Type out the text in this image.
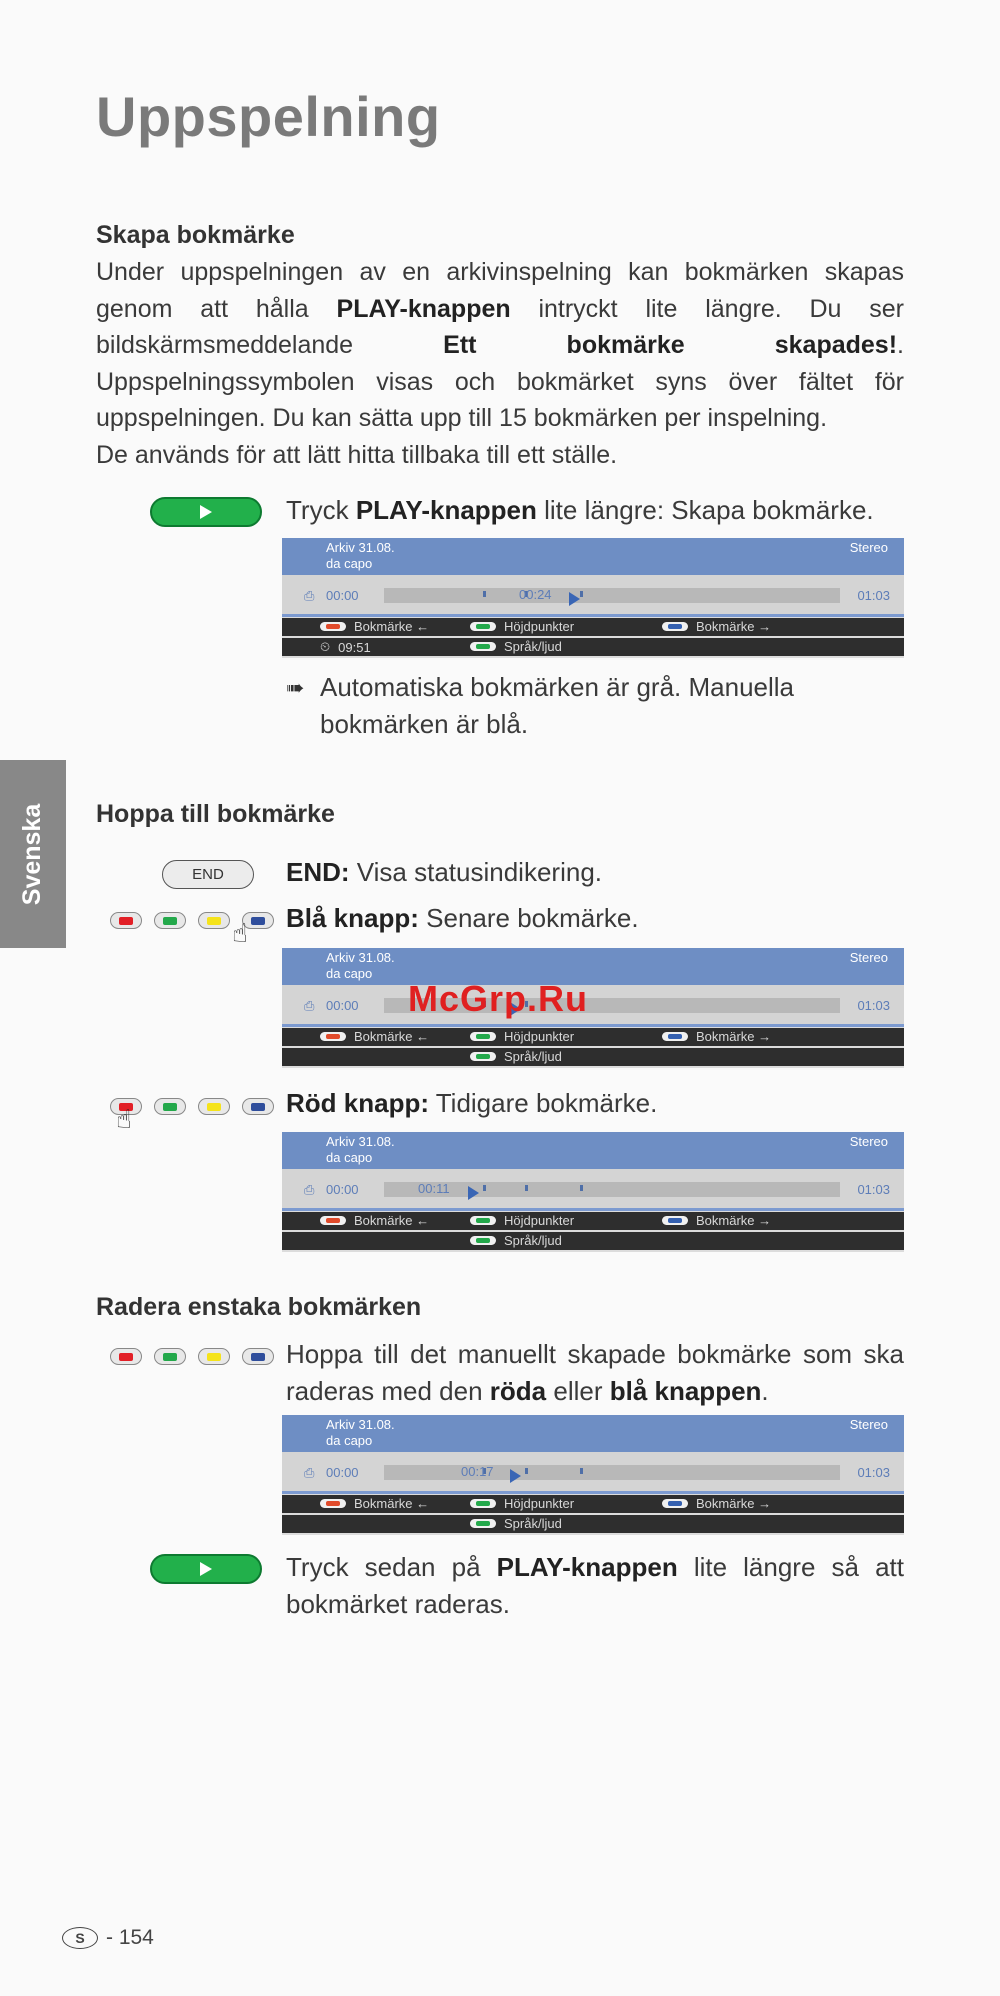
Uppspelning
Svenska
Skapa bokmärke

Under uppspelningen av en arkivinspelning kan bokmärken skapas genom att hålla PLAY-knappen intryckt lite längre. Du ser bildskärmsmeddelande Ett bokmärke skapades!. Uppspelningssymbolen visas och bokmärket syns över fältet för uppspelningen. Du kan sätta upp till 15 bokmärken per inspelning.

De används för att lätt hitta tillbaka till ett ställe.

Tryck PLAY-knappen lite längre: Skapa bokmärke.

Arkiv 31.08.
da capo
Stereo
⎙ 00:00	00:24	01:03
Bokmärke ←	Höjdpunkter	Bokmärke →
⏲ 09:51	Språk/ljud
➠ Automatiska bokmärken är grå. Manuella bokmärken är blå.
Hoppa till bokmärke
END	END: Visa statusindikering.

☝ Blå knapp: Senare bokmärke.

Arkiv 31.08.
da capo
Stereo
⎙ 00:00	01:03
Bokmärke ←	Höjdpunkter	Bokmärke →
Språk/ljud
McGrp.Ru
☝

Röd knapp: Tidigare bokmärke.

Arkiv 31.08.
da capo
Stereo
⎙ 00:00	00:11	01:03
Bokmärke ←	Höjdpunkter	Bokmärke →
Språk/ljud
Radera enstaka bokmärken

Hoppa till det manuellt skapade bokmärke som ska raderas med den röda eller blå knappen.

Arkiv 31.08.
da capo
Stereo
⎙ 00:00	00:17	01:03
Bokmärke ←	Höjdpunkter	Bokmärke →
Språk/ljud

Tryck sedan på PLAY-knappen lite längre så att bokmärket raderas.

S	- 154
